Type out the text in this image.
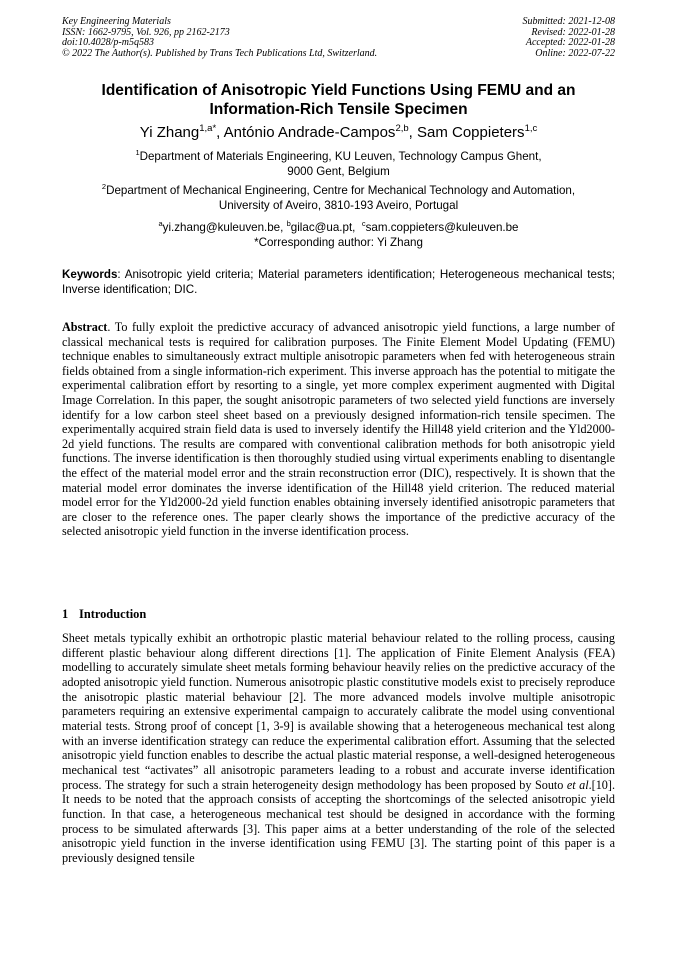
Key Engineering Materials
ISSN: 1662-9795, Vol. 926, pp 2162-2173
doi:10.4028/p-m5q583
© 2022 The Author(s). Published by Trans Tech Publications Ltd, Switzerland.
Submitted: 2021-12-08
Revised: 2022-01-28
Accepted: 2022-01-28
Online: 2022-07-22
Identification of Anisotropic Yield Functions Using FEMU and an
Information-Rich Tensile Specimen
Yi Zhang$^{1,a*}$, António Andrade-Campos$^{2,b}$, Sam Coppieters$^{1,c}$
$^1$Department of Materials Engineering, KU Leuven, Technology Campus Ghent,
9000 Gent, Belgium
$^2$Department of Mechanical Engineering, Centre for Mechanical Technology and Automation,
University of Aveiro, 3810-193 Aveiro, Portugal
$^a$yi.zhang@kuleuven.be, $^b$gilac@ua.pt,  $^c$sam.coppieters@kuleuven.be
*Corresponding author: Yi Zhang
Keywords: Anisotropic yield criteria; Material parameters identification; Heterogeneous mechanical tests; Inverse identification; DIC.
Abstract. To fully exploit the predictive accuracy of advanced anisotropic yield functions, a large number of classical mechanical tests is required for calibration purposes. The Finite Element Model Updating (FEMU) technique enables to simultaneously extract multiple anisotropic parameters when fed with heterogeneous strain fields obtained from a single information-rich experiment. This inverse approach has the potential to mitigate the experimental calibration effort by resorting to a single, yet more complex experiment augmented with Digital Image Correlation. In this paper, the sought anisotropic parameters of two selected yield functions are inversely identify for a low carbon steel sheet based on a previously designed information-rich tensile specimen. The experimentally acquired strain field data is used to inversely identify the Hill48 yield criterion and the Yld2000-2d yield functions. The results are compared with conventional calibration methods for both anisotropic yield functions. The inverse identification is then thoroughly studied using virtual experiments enabling to disentangle the effect of the material model error and the strain reconstruction error (DIC), respectively. It is shown that the material model error dominates the inverse identification of the Hill48 yield criterion. The reduced material model error for the Yld2000-2d yield function enables obtaining inversely identified anisotropic parameters that are closer to the reference ones. The paper clearly shows the importance of the predictive accuracy of the selected anisotropic yield function in the inverse identification process.
1 Introduction
Sheet metals typically exhibit an orthotropic plastic material behaviour related to the rolling process, causing different plastic behaviour along different directions [1]. The application of Finite Element Analysis (FEA) modelling to accurately simulate sheet metals forming behaviour heavily relies on the predictive accuracy of the adopted anisotropic yield function. Numerous anisotropic plastic constitutive models exist to precisely reproduce the anisotropic plastic material behaviour [2]. The more advanced models involve multiple anisotropic parameters requiring an extensive experimental campaign to accurately calibrate the model using conventional material tests. Strong proof of concept [1, 3-9] is available showing that a heterogeneous mechanical test along with an inverse identification strategy can reduce the experimental calibration effort. Assuming that the selected anisotropic yield function enables to describe the actual plastic material response, a well-designed heterogeneous mechanical test “activates” all anisotropic parameters leading to a robust and accurate inverse identification process. The strategy for such a strain heterogeneity design methodology has been proposed by Souto et al.[10]. It needs to be noted that the approach consists of accepting the shortcomings of the selected anisotropic yield function. In that case, a heterogeneous mechanical test should be designed in accordance with the forming process to be simulated afterwards [3]. This paper aims at a better understanding of the role of the selected anisotropic yield function in the inverse identification using FEMU [3]. The starting point of this paper is a previously designed tensile
